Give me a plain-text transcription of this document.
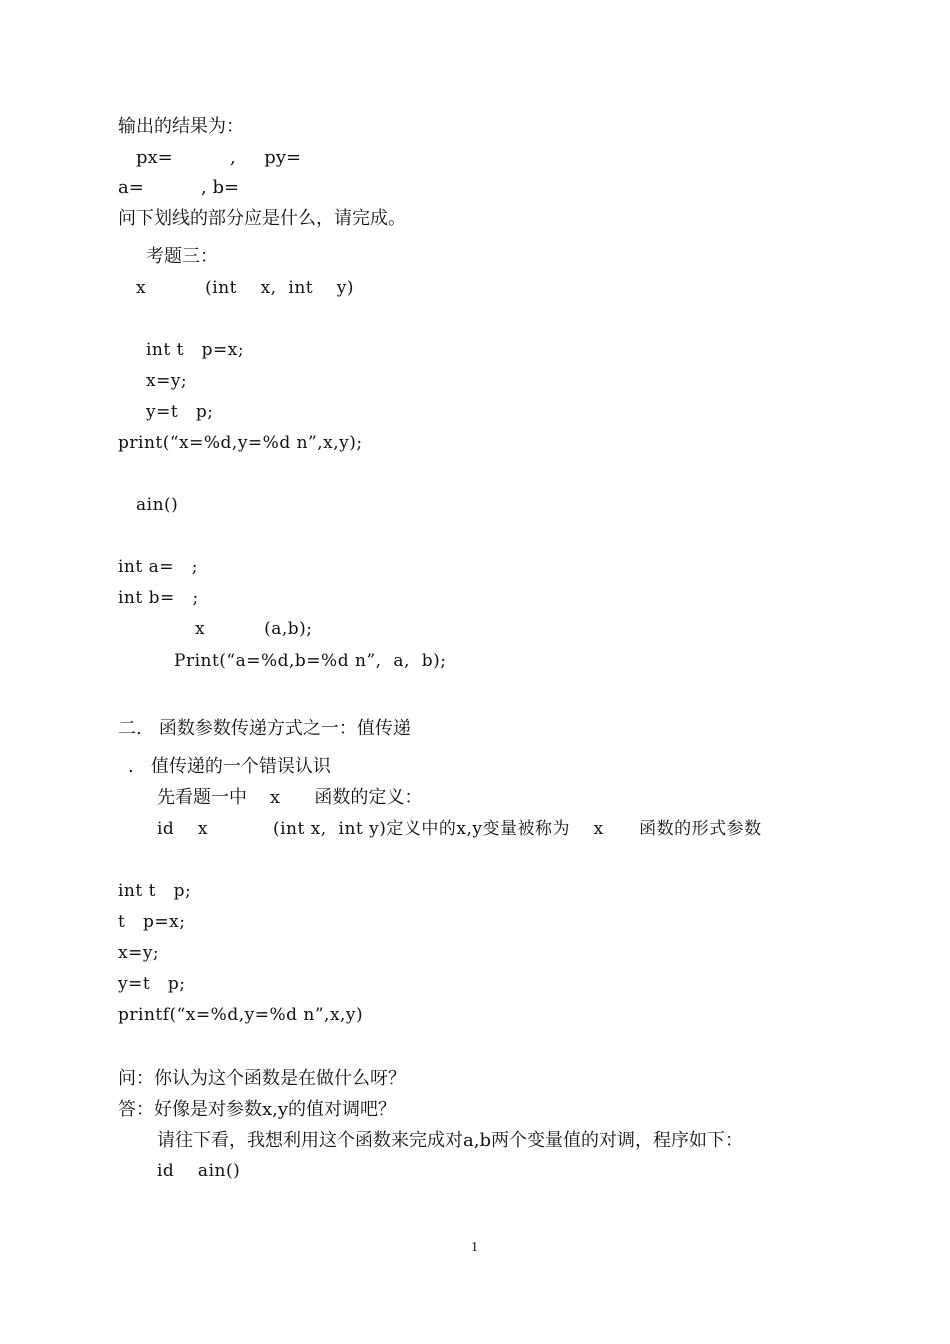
输出的结果为：
px=          ,     py=
a=          , b=
问下划线的部分应是什么，请完成。
考题三：
x          (int    x,  int    y)
int t   p=x;
x=y;
y=t   p;
print(“x=%d,y=%d n”,x,y);
ain()
int a=   ;
int b=   ;
x          (a,b);
Print(“a=%d,b=%d n”,  a,  b);
二.   函数参数传递方式之一：值传递
.   值传递的一个错误认识
先看题一中    x      函数的定义：
id    x           (int x,  int y)定义中的x,y变量被称为    x      函数的形式参数
int t   p;
t   p=x;
x=y;
y=t   p;
printf(“x=%d,y=%d n”,x,y)
问：你认为这个函数是在做什么呀？
答：好像是对参数x,y的值对调吧？
请往下看，我想利用这个函数来完成对a,b两个变量值的对调，程序如下：
id    ain()
1
